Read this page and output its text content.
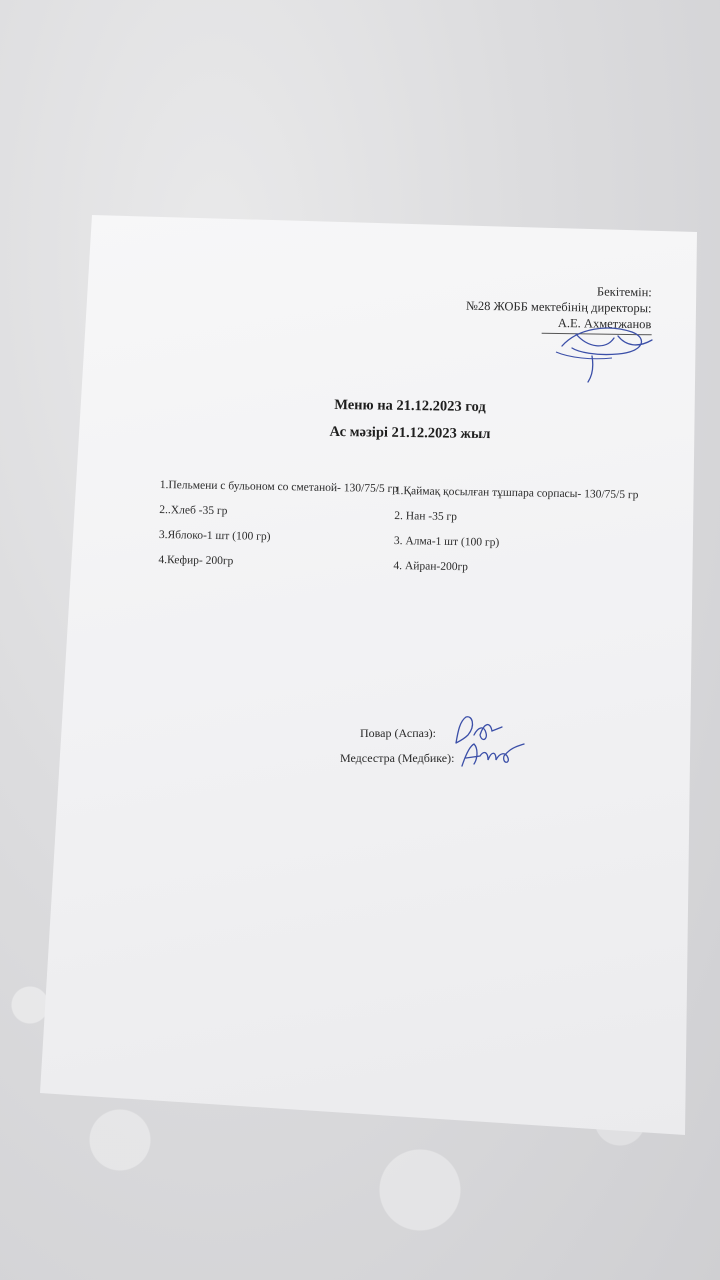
Бекітемін:
№28 ЖОББ мектебінің директоры:
А.Е. Ахметжанов
Меню на 21.12.2023 год
Ас мәзірі 21.12.2023 жыл
1.Пельмени с бульоном со сметаной- 130/75/5 гр
2..Хлеб -35 гр
3.Яблоко-1 шт (100 гр)
4.Кефир- 200гр
1.Қаймақ қосылған тұшпара сорпасы- 130/75/5 гр
2. Нан -35 гр
3. Алма-1 шт (100 гр)
4. Айран-200гр
Повар (Аспаз):
Медсестра (Медбике):
